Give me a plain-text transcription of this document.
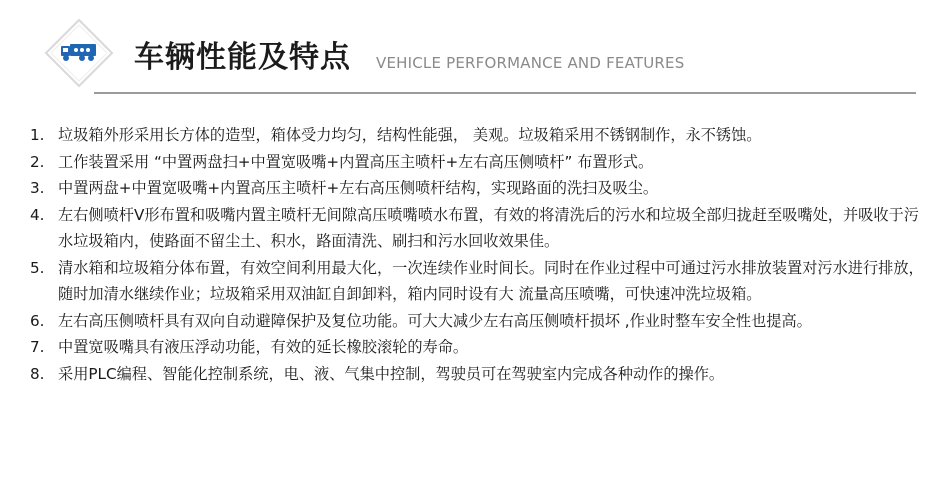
车辆性能及特点 VEHICLE PERFORMANCE AND FEATURES
1. 垃圾箱外形采用长方体的造型，箱体受力均匀，结构性能强， 美观。垃圾箱采用不锈钢制作，永不锈蚀。
2. 工作装置采用 “中置两盘扫+中置宽吸嘴+内置高压主喷杆+左右高压侧喷杆” 布置形式。
3. 中置两盘+中置宽吸嘴+内置高压主喷杆+左右高压侧喷杆结构，实现路面的洗扫及吸尘。
4. 左右侧喷杆V形布置和吸嘴内置主喷杆无间隙高压喷嘴喷水布置，有效的将清洗后的污水和垃圾全部归拢赶至吸嘴处，并吸收于污水垃圾箱内，使路面不留尘土、积水，路面清洗、刷扫和污水回收效果佳。
5. 清水箱和垃圾箱分体布置，有效空间利用最大化，一次连续作业时间长。同时在作业过程中可通过污水排放装置对污水进行排放，随时加清水继续作业；垃圾箱采用双油缸自卸卸料，箱内同时设有大 流量高压喷嘴，可快速冲洗垃圾箱。
6. 左右高压侧喷杆具有双向自动避障保护及复位功能。可大大减少左右高压侧喷杆损坏 ,作业时整车安全性也提高。
7. 中置宽吸嘴具有液压浮动功能，有效的延长橡胶滚轮的寿命。
8. 采用PLC编程、智能化控制系统，电、液、气集中控制，驾驶员可在驾驶室内完成各种动作的操作。
